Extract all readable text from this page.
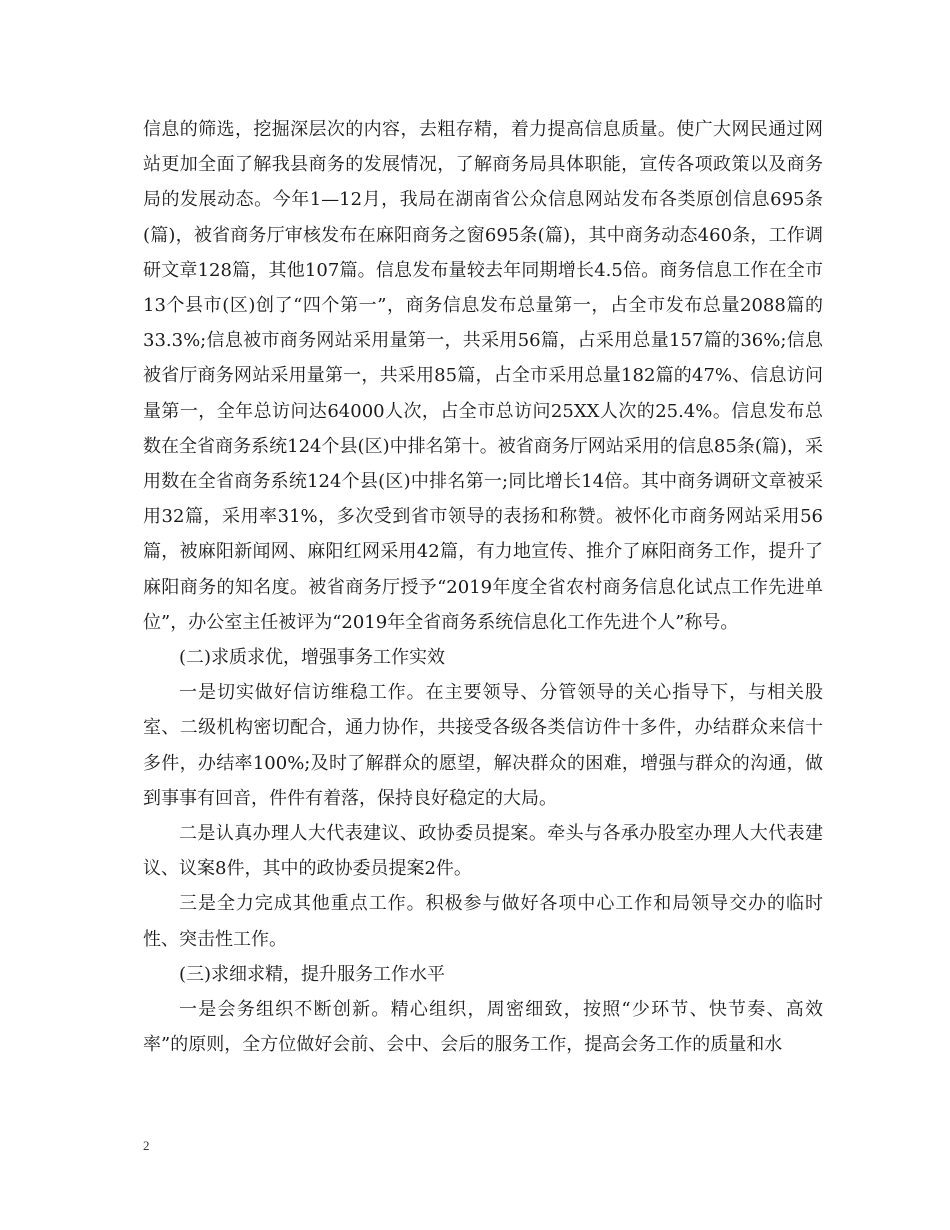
信息的筛选，挖掘深层次的内容，去粗存精，着力提高信息质量。使广大网民通过网站更加全面了解我县商务的发展情况，了解商务局具体职能，宣传各项政策以及商务局的发展动态。今年1—12月，我局在湖南省公众信息网站发布各类原创信息695条(篇)，被省商务厅审核发布在麻阳商务之窗695条(篇)，其中商务动态460条，工作调研文章128篇，其他107篇。信息发布量较去年同期增长4.5倍。商务信息工作在全市13个县市(区)创了“四个第一”，商务信息发布总量第一，占全市发布总量2088篇的33.3%;信息被市商务网站采用量第一，共采用56篇，占采用总量157篇的36%;信息被省厅商务网站采用量第一，共采用85篇，占全市采用总量182篇的47%、信息访问量第一，全年总访问达64000人次，占全市总访问25XX人次的25.4%。信息发布总数在全省商务系统124个县(区)中排名第十。被省商务厅网站采用的信息85条(篇)，采用数在全省商务系统124个县(区)中排名第一;同比增长14倍。其中商务调研文章被采用32篇，采用率31%，多次受到省市领导的表扬和称赞。被怀化市商务网站采用56篇，被麻阳新闻网、麻阳红网采用42篇，有力地宣传、推介了麻阳商务工作，提升了麻阳商务的知名度。被省商务厅授予“2019年度全省农村商务信息化试点工作先进单位”，办公室主任被评为“2019年全省商务系统信息化工作先进个人”称号。

(二)求质求优，增强事务工作实效

一是切实做好信访维稳工作。在主要领导、分管领导的关心指导下，与相关股室、二级机构密切配合，通力协作，共接受各级各类信访件十多件，办结群众来信十多件，办结率100%;及时了解群众的愿望，解决群众的困难，增强与群众的沟通，做到事事有回音，件件有着落，保持良好稳定的大局。

二是认真办理人大代表建议、政协委员提案。牵头与各承办股室办理人大代表建议、议案8件，其中的政协委员提案2件。

三是全力完成其他重点工作。积极参与做好各项中心工作和局领导交办的临时性、突击性工作。

(三)求细求精，提升服务工作水平

一是会务组织不断创新。精心组织，周密细致，按照“少环节、快节奏、高效率”的原则，全方位做好会前、会中、会后的服务工作，提高会务工作的质量和水

2
